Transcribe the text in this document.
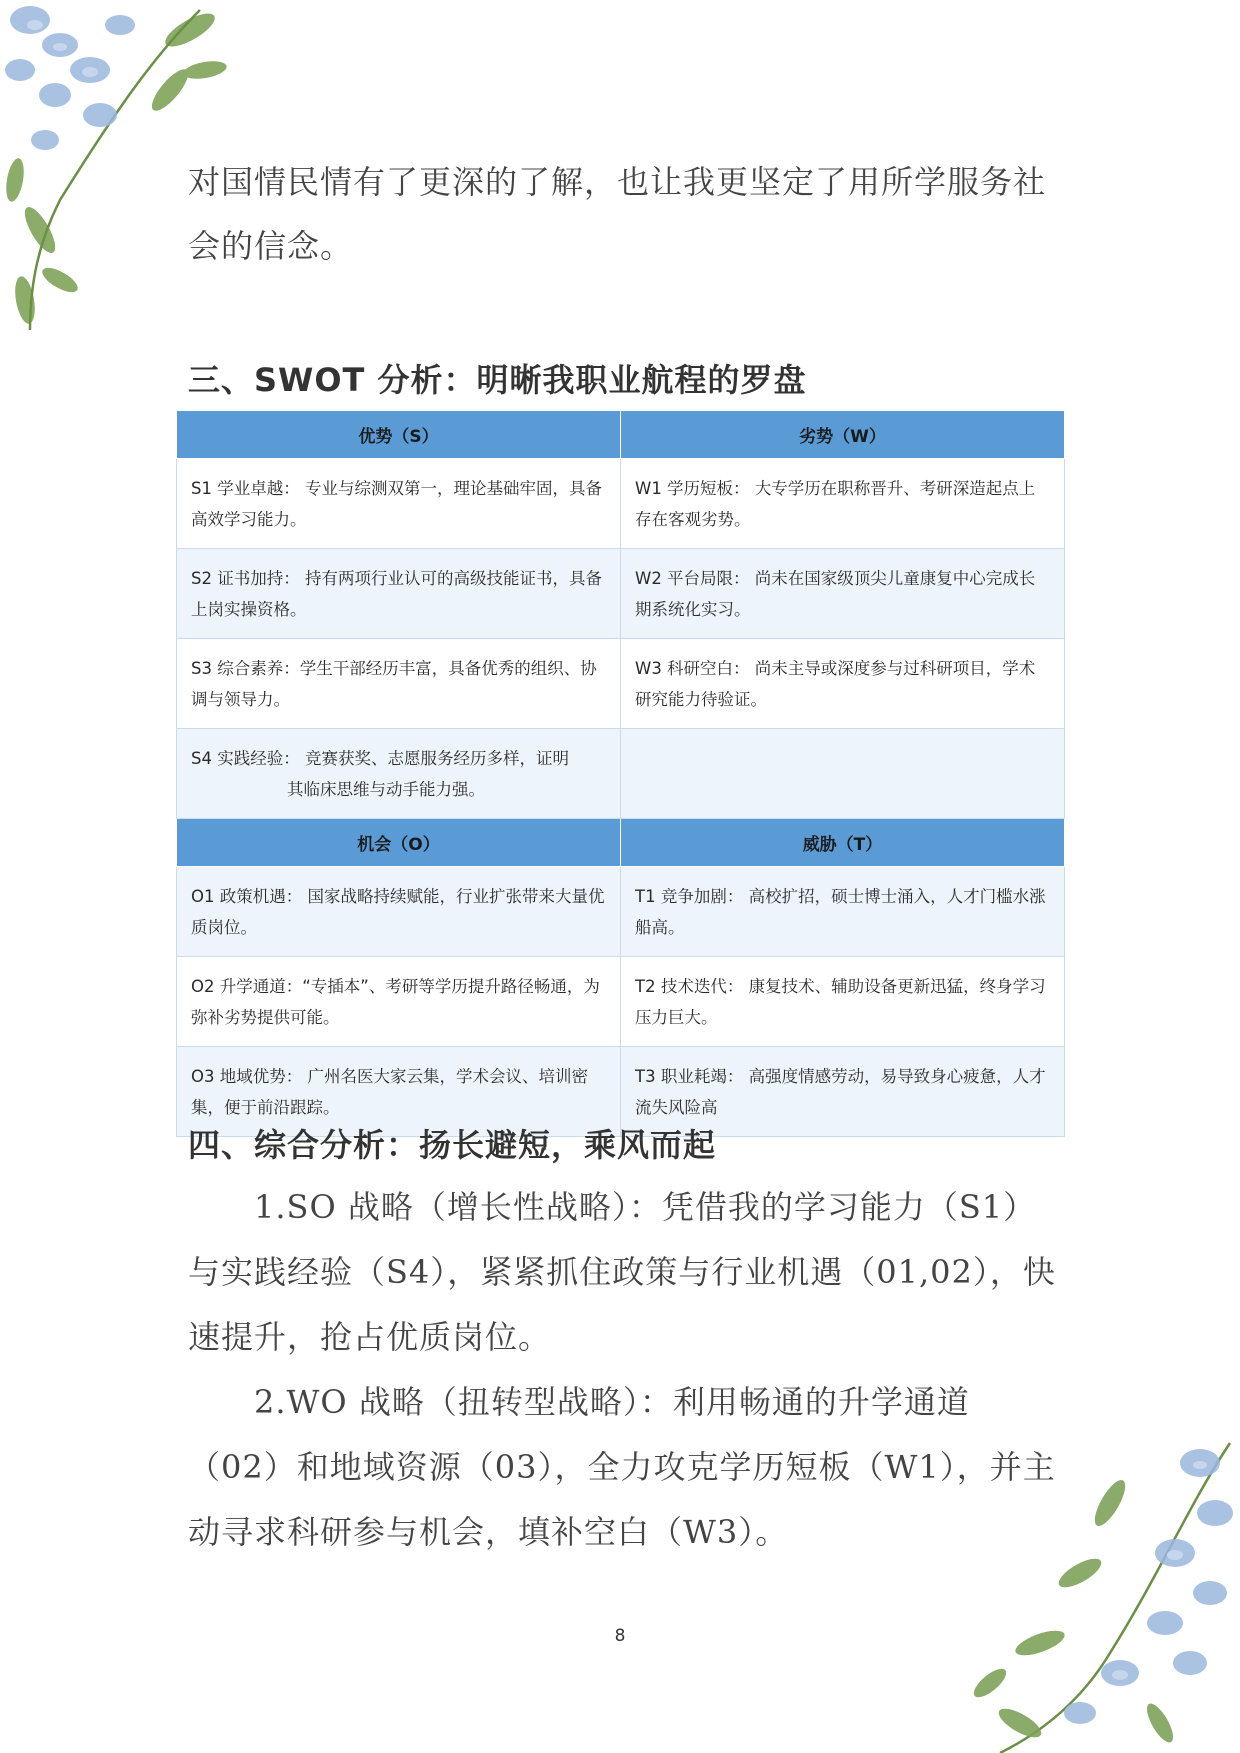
对国情民情有了更深的了解，也让我更坚定了用所学服务社会的信念。

三、SWOT 分析：明晰我职业航程的罗盘
优势（S）	劣势（W）
S1 学业卓越： 专业与综测双第一，理论基础牢固，具备高效学习能力。	W1 学历短板： 大专学历在职称晋升、考研深造起点上存在客观劣势。
S2 证书加持： 持有两项行业认可的高级技能证书，具备上岗实操资格。	W2 平台局限： 尚未在国家级顶尖儿童康复中心完成长期系统化实习。
S3 综合素养：学生干部经历丰富，具备优秀的组织、协调与领导力。	W3 科研空白： 尚未主导或深度参与过科研项目，学术研究能力待验证。
S4 实践经验： 竞赛获奖、志愿服务经历多样，证明
其临床思维与动手能力强。	
机会（O）	威胁（T）
O1 政策机遇： 国家战略持续赋能，行业扩张带来大量优质岗位。	T1 竞争加剧： 高校扩招，硕士博士涌入，人才门槛水涨船高。
O2 升学通道：“专插本”、考研等学历提升路径畅通，为弥补劣势提供可能。	T2 技术迭代： 康复技术、辅助设备更新迅猛，终身学习压力巨大。
O3 地域优势： 广州名医大家云集，学术会议、培训密集，便于前沿跟踪。	T3 职业耗竭： 高强度情感劳动，易导致身心疲惫，人才流失风险高
四、综合分析：扬长避短，乘风而起

1.SO 战略（增长性战略）：凭借我的学习能力（S1）与实践经验（S4），紧紧抓住政策与行业机遇（01,02），快速提升，抢占优质岗位。

2.WO 战略（扭转型战略）：利用畅通的升学通道（02）和地域资源（03），全力攻克学历短板（W1），并主动寻求科研参与机会，填补空白（W3）。

8
